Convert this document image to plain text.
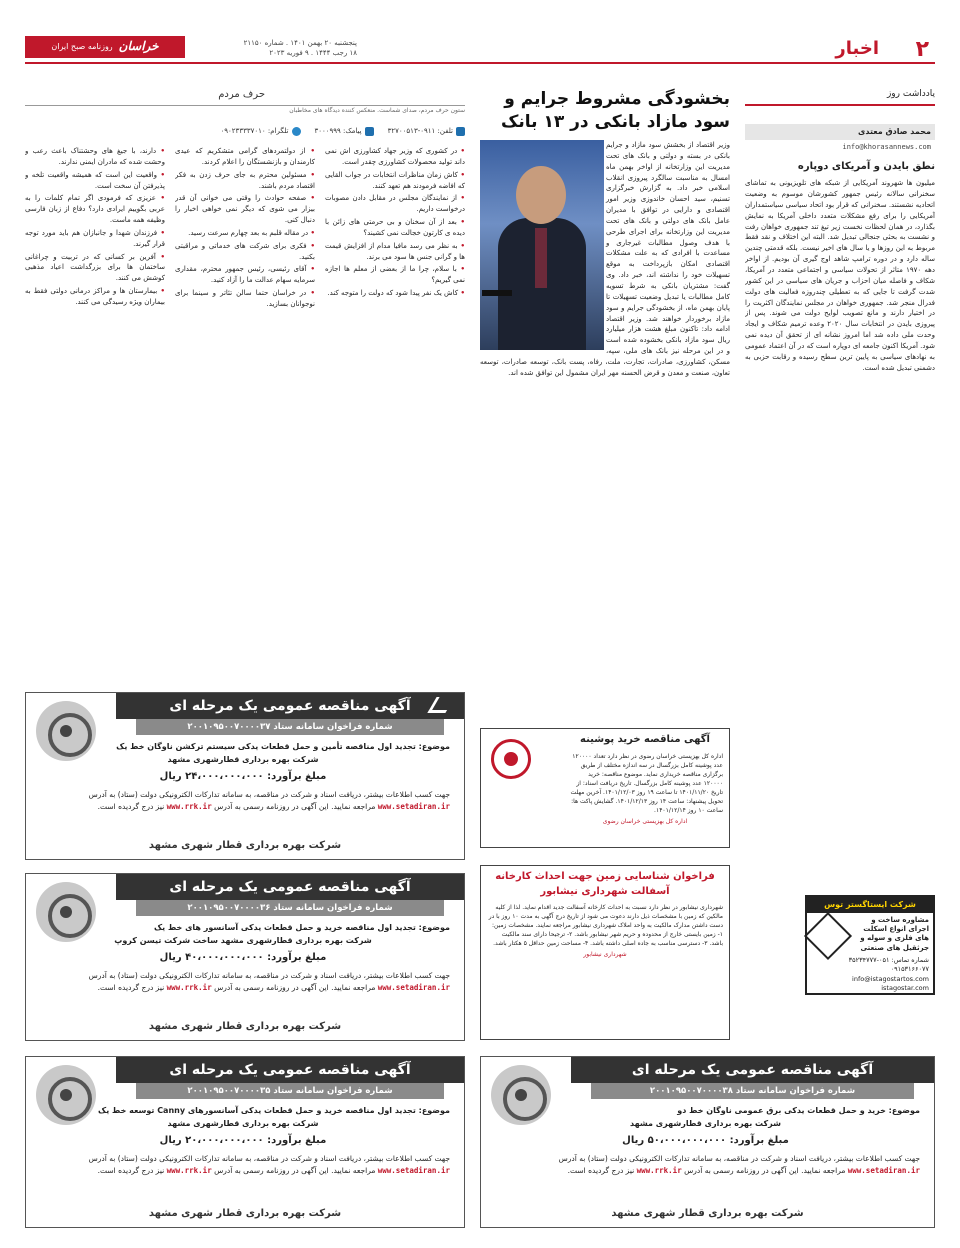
۲
اخبار
پنجشنبه ۲۰ بهمن ۱۴۰۱ . شماره ۲۱۱۵۰
۱۸ رجب ۱۴۴۴ . ۹ فوریه ۲۰۲۳
خراسان
روزنامه صبح ایران
یادداشت روز
محمد صادق معتدی
info@khorasannews.com
نطق بایدن و آمریکای دوپاره
میلیون ها شهروند آمریکایی از شبکه های تلویزیونی به تماشای سخنرانی سالانه رئیس جمهور کشورشان موسوم به وضعیت اتحادیه نشستند. سخنرانی که قرار بود اتحاد سیاسی سیاستمداران آمریکایی را برای رفع مشکلات متعدد داخلی آمریکا به نمایش بگذارد، در همان لحظات نخست زیر تیغ تند جمهوری خواهان رفت و نشست به بحثی جنجالی تبدیل شد. البته این اختلاف و نقد فقط مربوط به این روزها و یا سال های اخیر نیست. بلکه قدمتی چندین ساله دارد و در دوره ترامپ شاهد اوج گیری آن بودیم. از اواخر دهه ۱۹۷۰ متاثر از تحولات سیاسی و اجتماعی متعدد در آمریکا، شکاف و فاصله میان احزاب و جریان های سیاسی در این کشور شدت گرفت تا جایی که به تعطیلی چندروزه فعالیت های دولت فدرال منجر شد. جمهوری خواهان در مجلس نمایندگان اکثریت را در اختیار دارند و مانع تصویب لوایح دولت می شوند. پس از پیروزی بایدن در انتخابات سال ۲۰۲۰ وعده ترمیم شکاف و ایجاد وحدت ملی داده شد اما امروز نشانه ای از تحقق آن دیده نمی شود. آمریکا اکنون جامعه ای دوپاره است که در آن اعتماد عمومی به نهادهای سیاسی به پایین ترین سطح رسیده و رقابت حزبی به دشمنی تبدیل شده است.
شرکت ایستاگستر توس
مشاوره ساخت و اجرای انواع اسکلت های فلزی و سوله و جرثقیل های صنعتی
شماره تماس: ۰۵۱-۳۵۲۳۴۷۷۷
۰۹۱۵۳۱۶۶۰۷۷
info@istagostartos.com
istagostar.com
بخشودگی مشروط جرایم و سود مازاد بانکی در ۱۳ بانک
وزیر اقتصاد از بخشش سود مازاد و جرایم بانکی در بسته و دولتی و بانک های تحت مدیریت این وزارتخانه از اواخر بهمن ماه امسال به مناسبت سالگرد پیروزی انقلاب اسلامی خبر داد. به گزارش خبرگزاری تسنیم، سید احسان خاندوزی وزیر امور اقتصادی و دارایی در توافق با مدیران عامل بانک های دولتی و بانک های تحت مدیریت این وزارتخانه برای اجرای طرحی با هدف وصول مطالبات غیرجاری و مساعدت با افرادی که به علت مشکلات اقتصادی امکان بازپرداخت به موقع تسهیلات خود را نداشته اند، خبر داد. وی گفت: مشتریان بانکی به شرط تسویه کامل مطالبات یا تبدیل وضعیت تسهیلات تا پایان بهمن ماه، از بخشودگی جرایم و سود مازاد برخوردار خواهند شد. وزیر اقتصاد ادامه داد: تاکنون مبلغ هشت هزار میلیارد ریال سود مازاد بانکی بخشوده شده است و در این مرحله نیز بانک های ملی، سپه، مسکن، کشاورزی، صادرات، تجارت، ملت، رفاه، پست بانک، توسعه صادرات، توسعه تعاون، صنعت و معدن و قرض الحسنه مهر ایران مشمول این توافق شده اند.
آگهی مناقصه خرید پوشینه
اداره کل بهزیستی خراسان رضوی در نظر دارد تعداد ۱۲۰۰۰۰ عدد پوشینه کامل بزرگسال در سه اندازه مختلف از طریق برگزاری مناقصه خریداری نماید. موضوع مناقصه: خرید ۱۲۰۰۰۰ عدد پوشینه کامل بزرگسال. تاریخ دریافت اسناد: از تاریخ ۱۴۰۱/۱۱/۲۰ تا ساعت ۱۹ روز ۱۴۰۱/۱۲/۰۳. آخرین مهلت تحویل پیشنهاد: ساعت ۱۴ روز ۱۴۰۱/۱۲/۱۳. گشایش پاکت ها: ساعت ۱۰ روز ۱۴۰۱/۱۲/۱۴.
اداره کل بهزیستی خراسان رضوی
فراخوان شناسایی زمین جهت احداث کارخانه آسفالت شهرداری نیشابور
شهرداری نیشابور در نظر دارد نسبت به احداث کارخانه آسفالت جدید اقدام نماید. لذا از کلیه مالکین که زمین با مشخصات ذیل دارند دعوت می شود از تاریخ درج آگهی به مدت ۱۰ روز با در دست داشتن مدارک مالکیت به واحد املاک شهرداری نیشابور مراجعه نمایند. مشخصات زمین: ۱- زمین بایستی خارج از محدوده و حریم شهر نیشابور باشد. ۲- ترجیحا دارای سند مالکیت باشد. ۳- دسترسی مناسب به جاده اصلی داشته باشد. ۴- مساحت زمین حداقل ۵ هکتار باشد.
شهرداری نیشابور
حرف مردم
ستون حرف مردم، صدای شماست. منعکس کننده دیدگاه های مخاطبان
تلفن: ۰۹۱۱-۳۲۷۰۰۵۱۳
پیامک: ۳۰۰۰۹۹۹
تلگرام: ۰۹۰۲۳۳۳۳۷۰۱۰

• در کشوری که وزیر جهاد کشاورزی اش نمی داند تولید محصولات کشاورزی چقدر است.

• کاش زمان مناظرات انتخابات در جواب القایی که افاضه فرمودند هم تعهد کنند.

• از نمایندگان مجلس در مقابل دادن مصوبات درخواست داریم.

• بعد از آن سخنان و بی حرمتی های زائن با دیده ی کارتون خجالت نمی کشیند؟

• به نظر می رسد مافیا مدام از افزایش قیمت ها و گرانی جنس ها سود می برند.

• با سلام، چرا ما از بعضی از معلم ها اجازه نمی گیریم؟

• کاش یک نفر پیدا شود که دولت را متوجه کند.

• از دولتمردهای گرامی متشکریم که عیدی کارمندان و بازنشستگان را اعلام کردند.

• مسئولین محترم به جای حرف زدن به فکر اقتصاد مردم باشند.

• صفحه حوادث را وقتی می خوانی آن قدر بیزار می شوی که دیگر نمی خواهی اخبار را دنبال کنی.

• در مقاله قلبم به بعد چهارم سرعت رسید.

• فکری برای شرکت های خدماتی و مراقبتی بکنید.

• آقای رئیسی، رئیس جمهور محترم، مقداری سرمایه سهام عدالت ما را آزاد کنید.

• در خراسان حتما سالن تئاتر و سینما برای نوجوانان بسازید.

• دارند، با جیغ های وحشتناک باعث رعب و وحشت شده که مادران ایمنی ندارند.

• واقعیت این است که همیشه واقعیت تلخه و پذیرفتن آن سخت است.

• عزیزی که فرمودی اگر تمام کلمات را به عربی بگوییم ایرادی دارد؟ دفاع از زبان فارسی وظیفه همه ماست.

• فرزندان شهدا و جانبازان هم باید مورد توجه قرار گیرند.

• آفرین بر کسانی که در تربیت و چراغانی ساختمان ها برای بزرگداشت اعیاد مذهبی کوشش می کنند.

• بیمارستان ها و مراکز درمانی دولتی فقط به بیماران ویژه رسیدگی می کنند.

آگهی مناقصه عمومی یک مرحله ای
شماره فراخوان سامانه ستاد ۲۰۰۱۰۹۵۰۰۷۰۰۰۰۳۷
موضوع: تجدید اول مناقصه تأمین و حمل قطعات یدکی سیستم ترکشن ناوگان خط یک
شرکت بهره برداری قطارشهری مشهد
مبلغ برآورد: ۲۴،۰۰۰،۰۰۰،۰۰۰ ریال
جهت کسب اطلاعات بیشتر، دریافت اسناد و شرکت در مناقصه، به سامانه تدارکات الکترونیکی دولت (ستاد) به آدرس www.setadiran.ir مراجعه نمایید. این آگهی در روزنامه رسمی به آدرس www.rrk.ir نیز درج گردیده است.
شرکت بهره برداری قطار شهری مشهد
آگهی مناقصه عمومی یک مرحله ای
شماره فراخوان سامانه ستاد ۲۰۰۱۰۹۵۰۰۷۰۰۰۰۳۶
موضوع: تجدید اول مناقصه خرید و حمل قطعات یدکی آسانسور های خط یک
شرکت بهره برداری قطارشهری مشهد ساخت شرکت تیسن کروپ
مبلغ برآورد: ۴۰،۰۰۰،۰۰۰،۰۰۰ ریال
جهت کسب اطلاعات بیشتر، دریافت اسناد و شرکت در مناقصه، به سامانه تدارکات الکترونیکی دولت (ستاد) به آدرس www.setadiran.ir مراجعه نمایید. این آگهی در روزنامه رسمی به آدرس www.rrk.ir نیز درج گردیده است.
شرکت بهره برداری قطار شهری مشهد
آگهی مناقصه عمومی یک مرحله ای
شماره فراخوان سامانه ستاد ۲۰۰۱۰۹۵۰۰۷۰۰۰۰۳۵
موضوع: تجدید اول مناقصه خرید و حمل قطعات یدکی آسانسورهای Canny توسعه خط یک
شرکت بهره برداری قطارشهری مشهد
مبلغ برآورد: ۲۰،۰۰۰،۰۰۰،۰۰۰ ریال
جهت کسب اطلاعات بیشتر، دریافت اسناد و شرکت در مناقصه، به سامانه تدارکات الکترونیکی دولت (ستاد) به آدرس www.setadiran.ir مراجعه نمایید. این آگهی در روزنامه رسمی به آدرس www.rrk.ir نیز درج گردیده است.
شرکت بهره برداری قطار شهری مشهد
آگهی مناقصه عمومی یک مرحله ای
شماره فراخوان سامانه ستاد ۲۰۰۱۰۹۵۰۰۷۰۰۰۰۳۸
موضوع: خرید و حمل قطعات یدکی برق عمومی ناوگان خط دو
شرکت بهره برداری قطارشهری مشهد
مبلغ برآورد: ۵۰،۰۰۰،۰۰۰،۰۰۰ ریال
جهت کسب اطلاعات بیشتر، دریافت اسناد و شرکت در مناقصه، به سامانه تدارکات الکترونیکی دولت (ستاد) به آدرس www.setadiran.ir مراجعه نمایید. این آگهی در روزنامه رسمی به آدرس www.rrk.ir نیز درج گردیده است.
شرکت بهره برداری قطار شهری مشهد
